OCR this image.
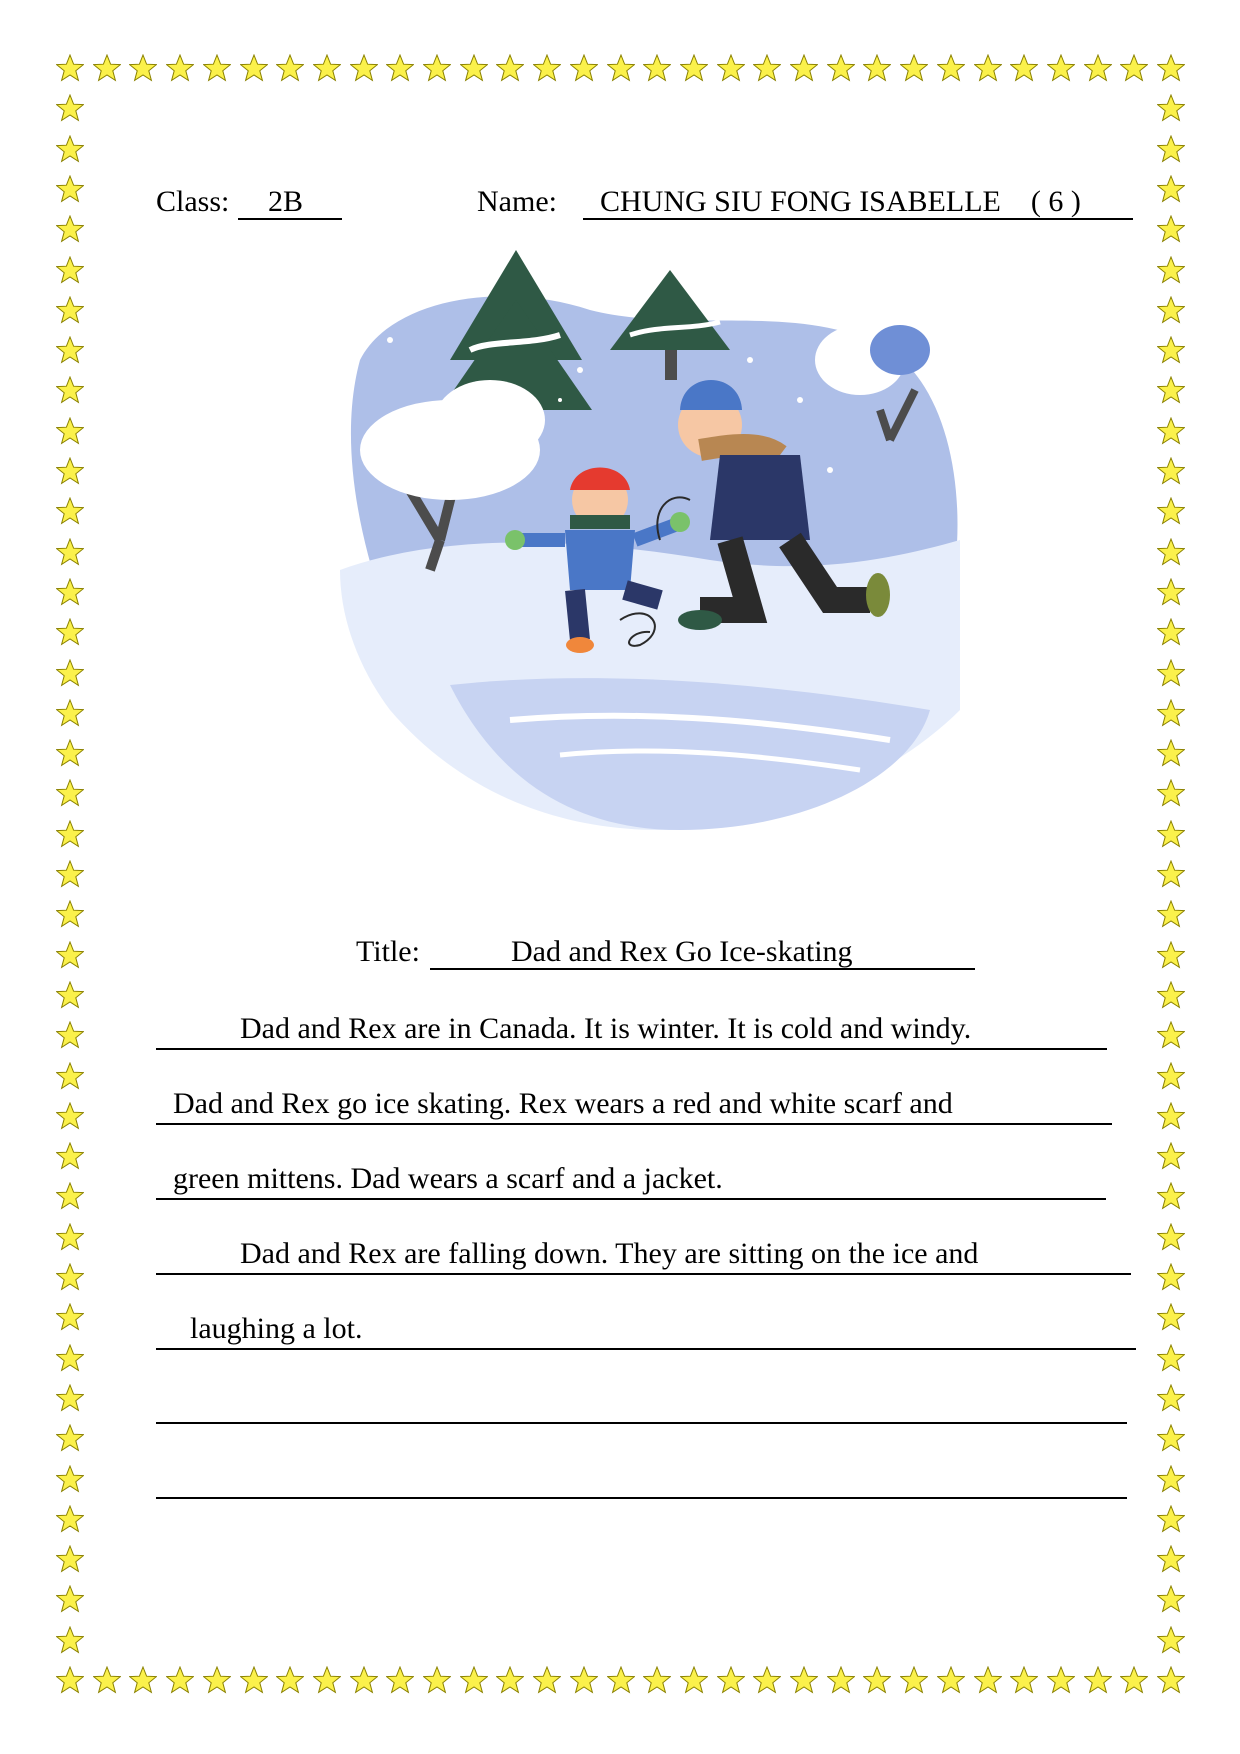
Class: 2B	Name: CHUNG SIU FONG ISABELLE    ( 6 )
Title:	Dad and Rex Go Ice-skating
Dad and Rex are in Canada. It is winter. It is cold and windy.
Dad and Rex go ice skating. Rex wears a red and white scarf and
green mittens. Dad wears a scarf and a jacket.
Dad and Rex are falling down. They are sitting on the ice and
laughing a lot.
